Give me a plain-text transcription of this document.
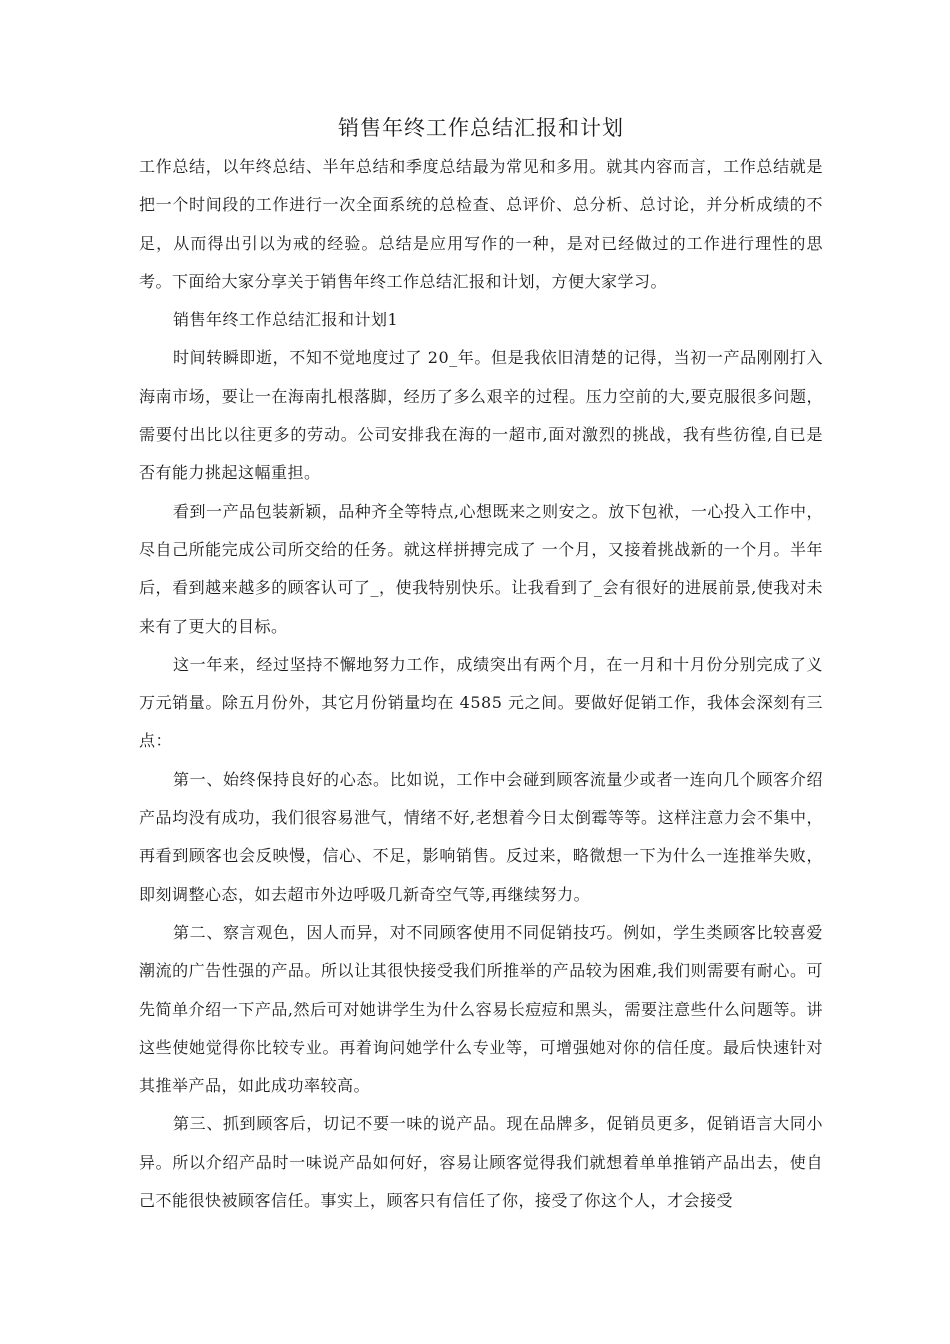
销售年终工作总结汇报和计划

工作总结，以年终总结、半年总结和季度总结最为常见和多用。就其内容而言，工作总结就是把一个时间段的工作进行一次全面系统的总检查、总评价、总分析、总讨论，并分析成绩的不足，从而得出引以为戒的经验。总结是应用写作的一种，是对已经做过的工作进行理性的思考。下面给大家分享关于销售年终工作总结汇报和计划，方便大家学习。

销售年终工作总结汇报和计划1

时间转瞬即逝，不知不觉地度过了 20_年。但是我依旧清楚的记得，当初一产品刚刚打入海南市场，要让一在海南扎根落脚，经历了多么艰辛的过程。压力空前的大,要克服很多问题，需要付出比以往更多的劳动。公司安排我在海的一超市,面对激烈的挑战，我有些彷徨,自已是否有能力挑起这幅重担。

看到一产品包装新颖，品种齐全等特点,心想既来之则安之。放下包袱，一心投入工作中，尽自己所能完成公司所交给的任务。就这样拼搏完成了 一个月，又接着挑战新的一个月。半年后，看到越来越多的顾客认可了_，使我特别快乐。让我看到了_会有很好的进展前景,使我对未来有了更大的目标。

这一年来，经过坚持不懈地努力工作，成绩突出有两个月，在一月和十月份分别完成了义万元销量。除五月份外，其它月份销量均在 4585 元之间。要做好促销工作，我体会深刻有三点：

第一、始终保持良好的心态。比如说，工作中会碰到顾客流量少或者一连向几个顾客介绍产品均没有成功，我们很容易泄气，情绪不好,老想着今日太倒霉等等。这样注意力会不集中，再看到顾客也会反映慢，信心、不足，影响销售。反过来，略微想一下为什么一连推举失败，即刻调整心态，如去超市外边呼吸几新奇空气等,再继续努力。

第二、察言观色，因人而异，对不同顾客使用不同促销技巧。例如，学生类顾客比较喜爱潮流的广告性强的产品。所以让其很快接受我们所推举的产品较为困难,我们则需要有耐心。可先简单介绍一下产品,然后可对她讲学生为什么容易长痘痘和黑头，需要注意些什么问题等。讲这些使她觉得你比较专业。再着询问她学什么专业等，可增强她对你的信任度。最后快速针对其推举产品，如此成功率较高。

第三、抓到顾客后，切记不要一味的说产品。现在品牌多，促销员更多，促销语言大同小异。所以介绍产品时一味说产品如何好，容易让顾客觉得我们就想着单单推销产品出去，使自己不能很快被顾客信任。事实上，顾客只有信任了你，接受了你这个人，才会接受
